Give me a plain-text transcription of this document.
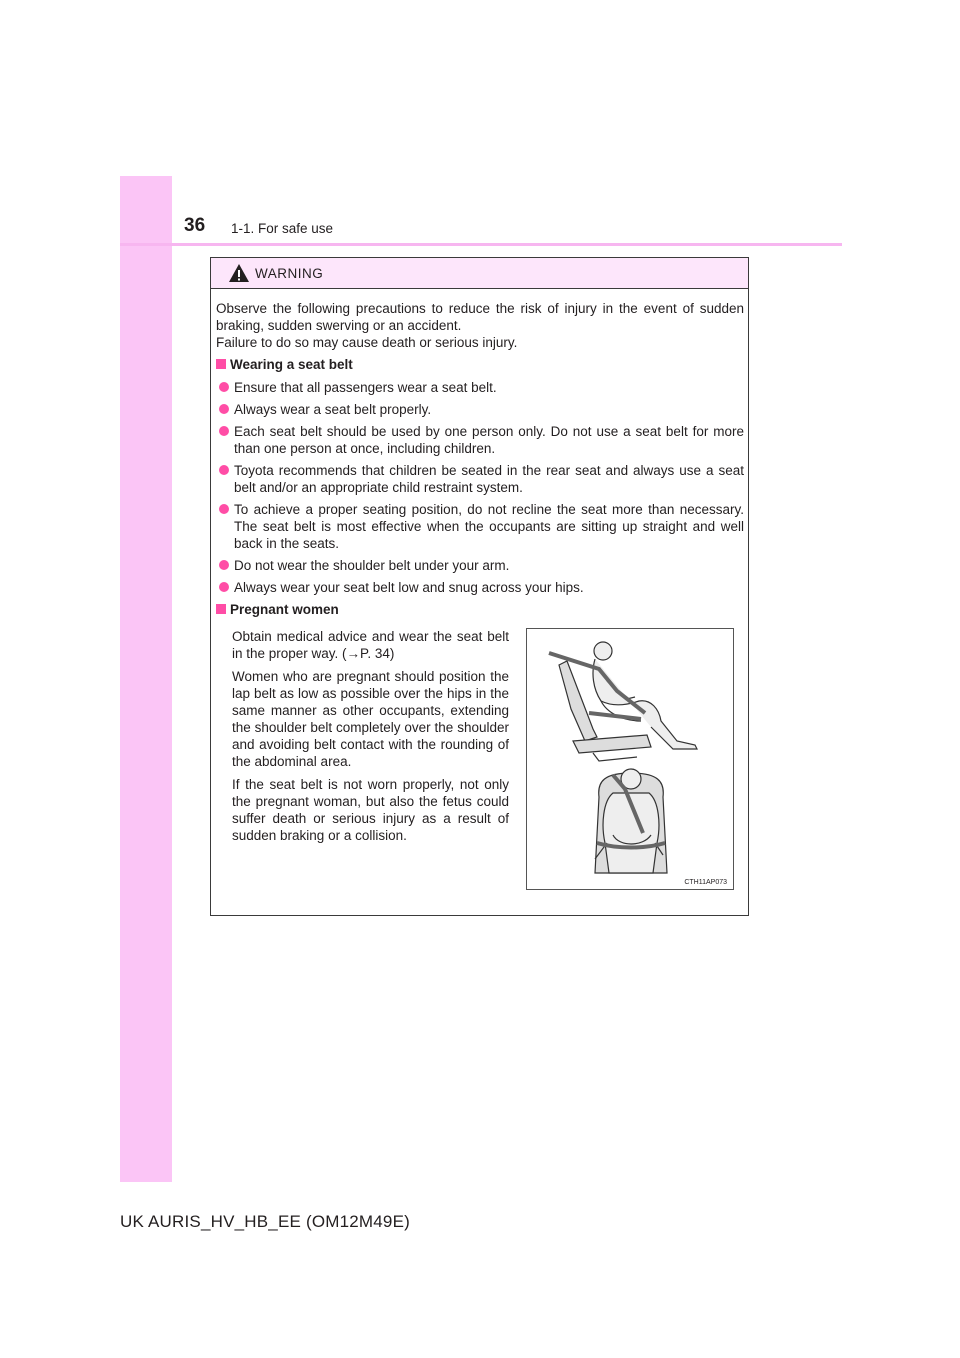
36 1-1. For safe use
WARNING

Observe the following precautions to reduce the risk of injury in the event of sudden braking, sudden swerving or an accident.

Failure to do so may cause death or serious injury.

Wearing a seat belt

Ensure that all passengers wear a seat belt.

Always wear a seat belt properly.

Each seat belt should be used by one person only. Do not use a seat belt for more than one person at once, including children.

Toyota recommends that children be seated in the rear seat and always use a seat belt and/or an appropriate child restraint system.

To achieve a proper seating position, do not recline the seat more than necessary. The seat belt is most effective when the occupants are sitting up straight and well back in the seats.

Do not wear the shoulder belt under your arm.

Always wear your seat belt low and snug across your hips.

Pregnant women

Obtain medical advice and wear the seat belt in the proper way. (→P. 34)

Women who are pregnant should position the lap belt as low as possible over the hips in the same manner as other occupants, extending the shoulder belt completely over the shoulder and avoiding belt contact with the rounding of the abdominal area.

If the seat belt is not worn properly, not only the pregnant woman, but also the fetus could suffer death or serious injury as a result of sudden braking or a collision.

CTH11AP073
UK AURIS_HV_HB_EE (OM12M49E)
